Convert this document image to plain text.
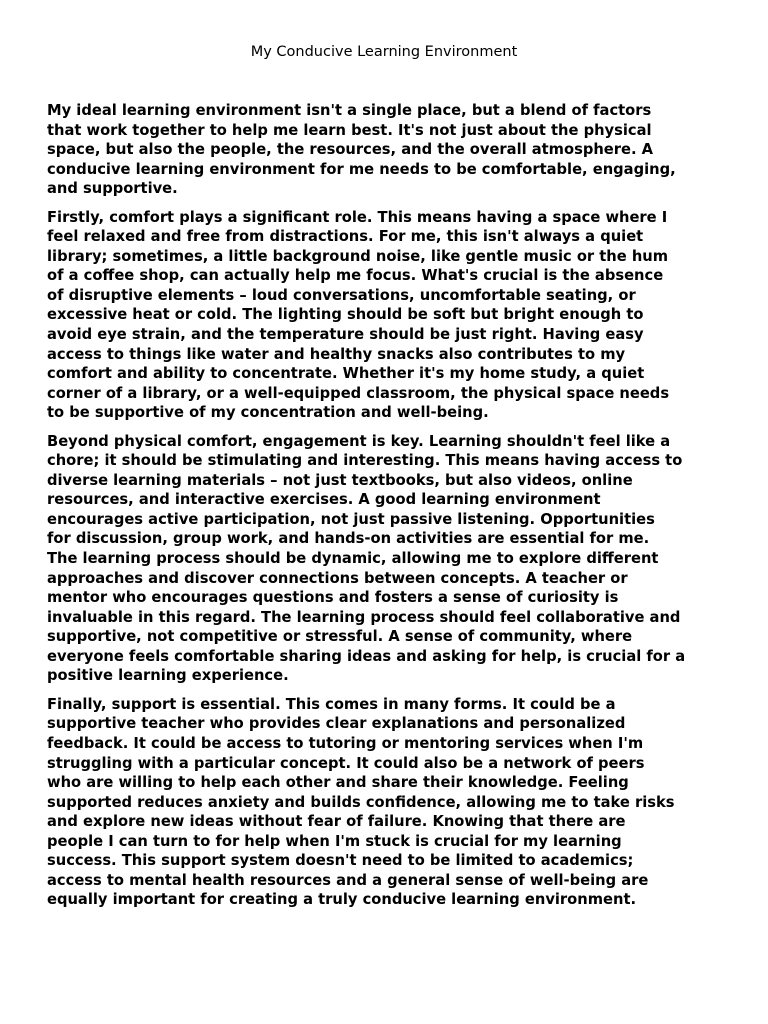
My Conducive Learning Environment

My ideal learning environment isn't a single place, but a blend of factors
that work together to help me learn best. It's not just about the physical
space, but also the people, the resources, and the overall atmosphere. A
conducive learning environment for me needs to be comfortable, engaging,
and supportive.

Firstly, comfort plays a significant role. This means having a space where I
feel relaxed and free from distractions. For me, this isn't always a quiet
library; sometimes, a little background noise, like gentle music or the hum
of a coffee shop, can actually help me focus. What's crucial is the absence
of disruptive elements – loud conversations, uncomfortable seating, or
excessive heat or cold. The lighting should be soft but bright enough to
avoid eye strain, and the temperature should be just right. Having easy
access to things like water and healthy snacks also contributes to my
comfort and ability to concentrate. Whether it's my home study, a quiet
corner of a library, or a well-equipped classroom, the physical space needs
to be supportive of my concentration and well-being.

Beyond physical comfort, engagement is key. Learning shouldn't feel like a
chore; it should be stimulating and interesting. This means having access to
diverse learning materials – not just textbooks, but also videos, online
resources, and interactive exercises. A good learning environment
encourages active participation, not just passive listening. Opportunities
for discussion, group work, and hands-on activities are essential for me.
The learning process should be dynamic, allowing me to explore different
approaches and discover connections between concepts. A teacher or
mentor who encourages questions and fosters a sense of curiosity is
invaluable in this regard. The learning process should feel collaborative and
supportive, not competitive or stressful. A sense of community, where
everyone feels comfortable sharing ideas and asking for help, is crucial for a
positive learning experience.

Finally, support is essential. This comes in many forms. It could be a
supportive teacher who provides clear explanations and personalized
feedback. It could be access to tutoring or mentoring services when I'm
struggling with a particular concept. It could also be a network of peers
who are willing to help each other and share their knowledge. Feeling
supported reduces anxiety and builds confidence, allowing me to take risks
and explore new ideas without fear of failure. Knowing that there are
people I can turn to for help when I'm stuck is crucial for my learning
success. This support system doesn't need to be limited to academics;
access to mental health resources and a general sense of well-being are
equally important for creating a truly conducive learning environment.
